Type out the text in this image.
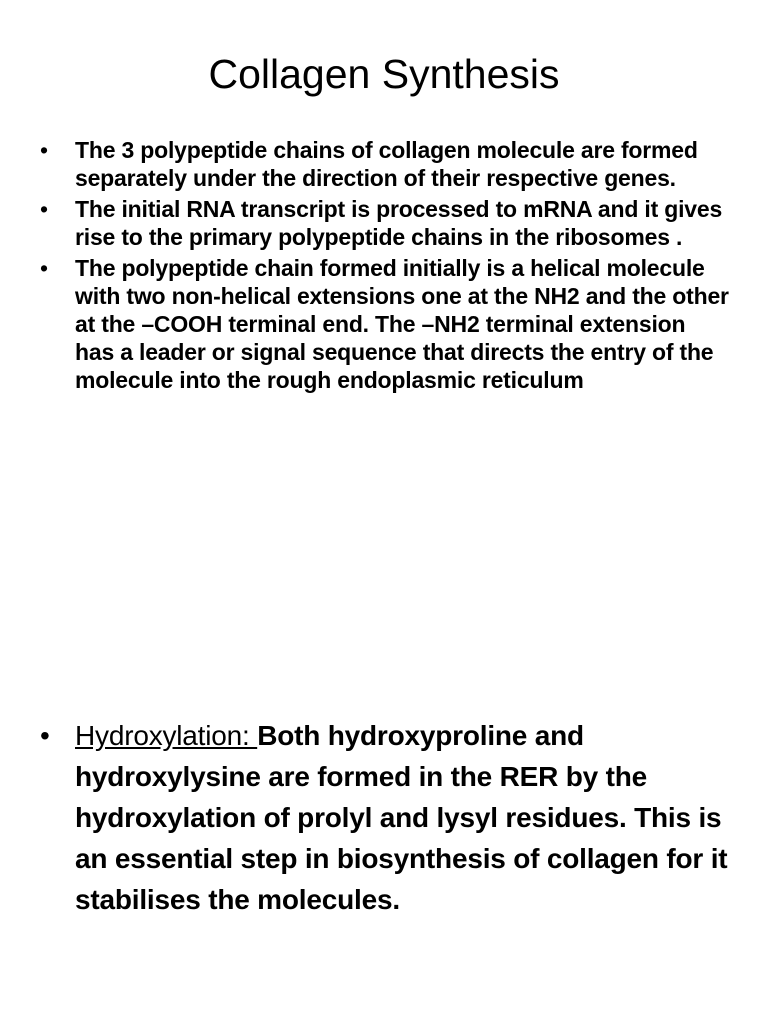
Collagen Synthesis
• The 3 polypeptide chains of collagen molecule are formed separately under the direction of their respective genes.
• The initial RNA transcript is processed to mRNA and it gives rise to the primary polypeptide chains in the ribosomes .
• The polypeptide chain formed initially is a helical molecule with two non-helical extensions one at the NH2 and the other at the –COOH terminal end. The –NH2 terminal extension has a leader or signal sequence that directs the entry of the molecule into the rough endoplasmic reticulum
• Hydroxylation: Both hydroxyproline and hydroxylysine are formed in the RER by the hydroxylation of prolyl and lysyl residues. This is an essential step in biosynthesis of collagen for it stabilises the molecules.
